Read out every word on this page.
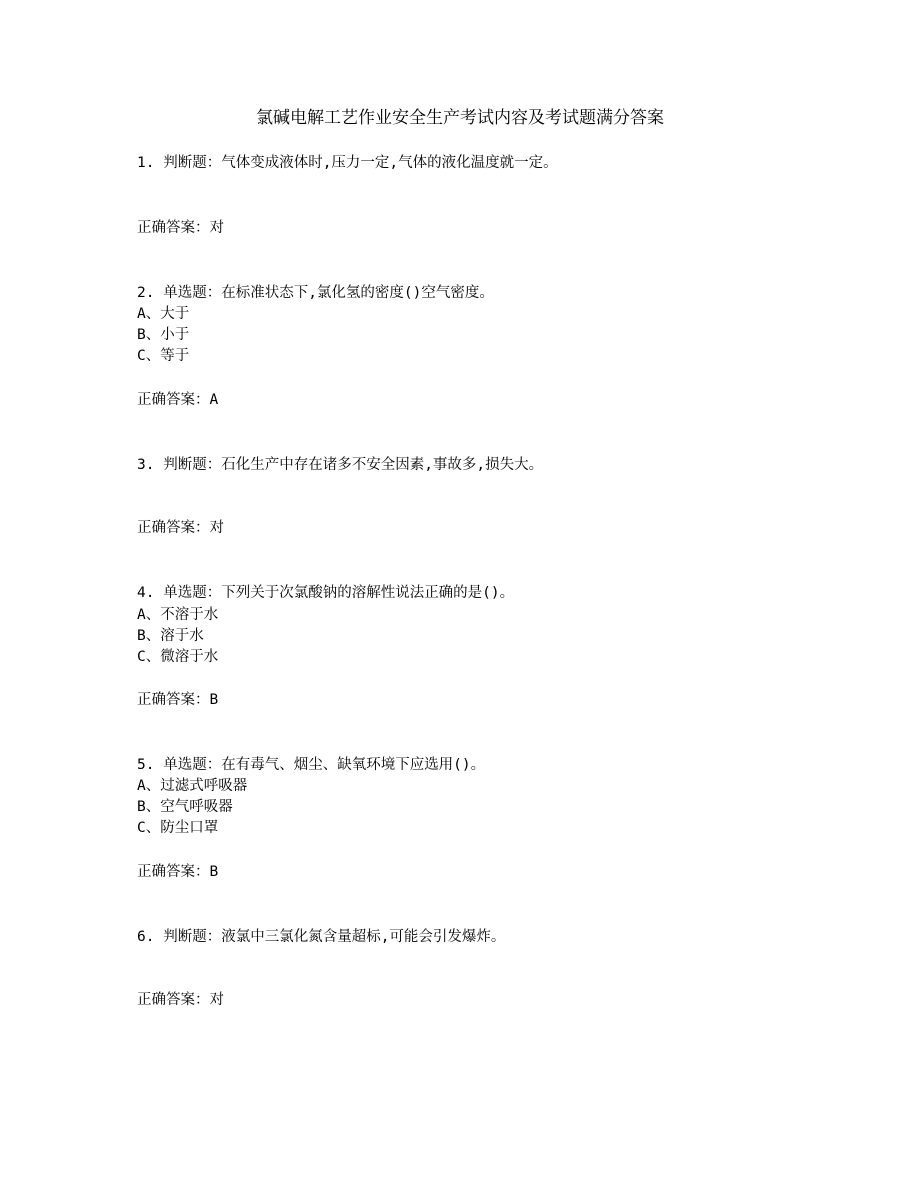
氯碱电解工艺作业安全生产考试内容及考试题满分答案
1. 判断题：气体变成液体时,压力一定,气体的液化温度就一定。
正确答案：对
2. 单选题：在标准状态下,氯化氢的密度()空气密度。
A、大于
B、小于
C、等于
正确答案：A
3. 判断题：石化生产中存在诸多不安全因素,事故多,损失大。
正确答案：对
4. 单选题：下列关于次氯酸钠的溶解性说法正确的是()。
A、不溶于水
B、溶于水
C、微溶于水
正确答案：B
5. 单选题：在有毒气、烟尘、缺氧环境下应选用()。
A、过滤式呼吸器
B、空气呼吸器
C、防尘口罩
正确答案：B
6. 判断题：液氯中三氯化氮含量超标,可能会引发爆炸。
正确答案：对
